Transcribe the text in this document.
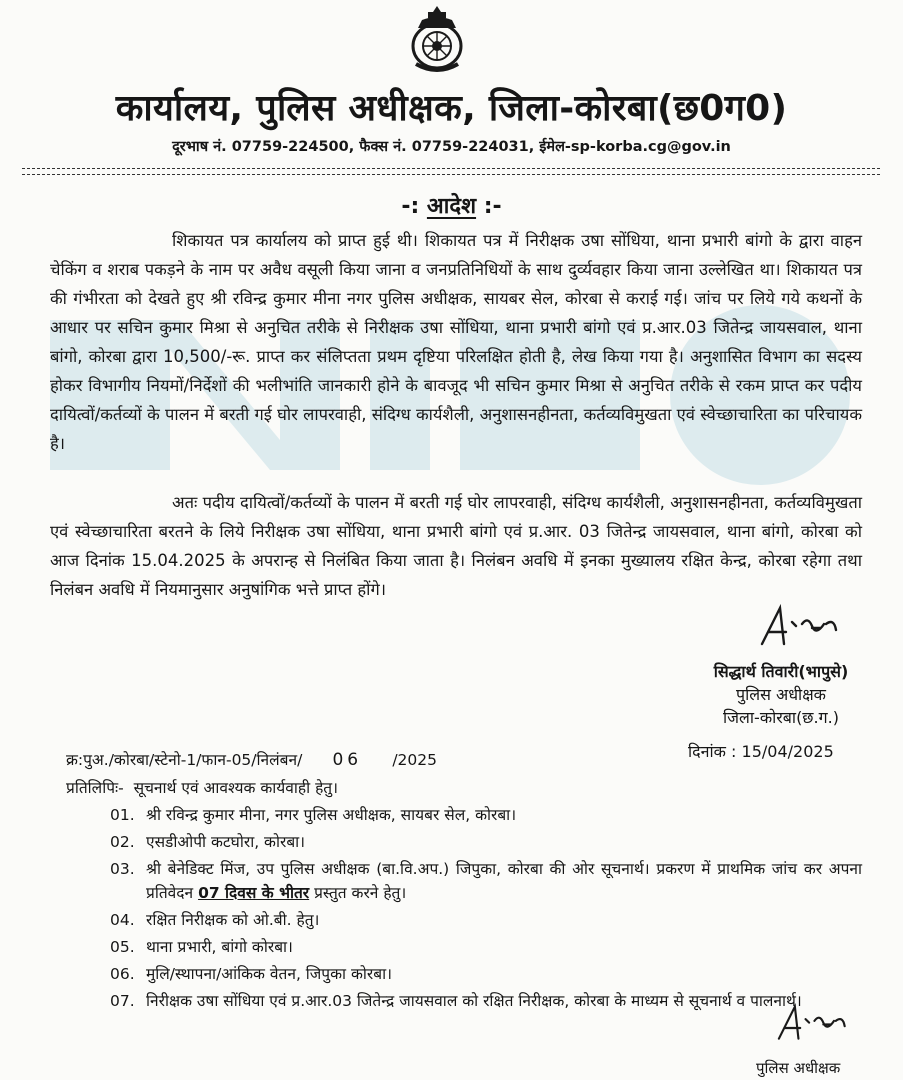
कार्यालय, पुलिस अधीक्षक, जिला-कोरबा(छ0ग0)
दूरभाष नं. 07759-224500, फैक्स नं. 07759-224031, ईमेल-sp-korba.cg@gov.in
-: आदेश :-
शिकायत पत्र कार्यालय को प्राप्त हुई थी। शिकायत पत्र में निरीक्षक उषा सोंधिया, थाना प्रभारी बांगो के द्वारा वाहन चेकिंग व शराब पकड़ने के नाम पर अवैध वसूली किया जाना व जनप्रतिनिधियों के साथ दुर्व्यवहार किया जाना उल्लेखित था। शिकायत पत्र की गंभीरता को देखते हुए श्री रविन्द्र कुमार मीना नगर पुलिस अधीक्षक, सायबर सेल, कोरबा से कराई गई। जांच पर लिये गये कथनों के आधार पर सचिन कुमार मिश्रा से अनुचित तरीके से निरीक्षक उषा सोंधिया, थाना प्रभारी बांगो एवं प्र.आर.03 जितेन्द्र जायसवाल, थाना बांगो, कोरबा द्वारा 10,500/-रू. प्राप्त कर संलिप्तता प्रथम दृष्टिया परिलक्षित होती है, लेख किया गया है। अनुशासित विभाग का सदस्य होकर विभागीय नियमों/निर्देशों की भलीभांति जानकारी होने के बावजूद भी सचिन कुमार मिश्रा से अनुचित तरीके से रकम प्राप्त कर पदीय दायित्वों/कर्तव्यों के पालन में बरती गई घोर लापरवाही, संदिग्ध कार्यशैली, अनुशासनहीनता, कर्तव्यविमुखता एवं स्वेच्छाचारिता का परिचायक है।
अतः पदीय दायित्वों/कर्तव्यों के पालन में बरती गई घोर लापरवाही, संदिग्ध कार्यशैली, अनुशासनहीनता, कर्तव्यविमुखता एवं स्वेच्छाचारिता बरतने के लिये निरीक्षक उषा सोंधिया, थाना प्रभारी बांगो एवं प्र.आर. 03 जितेन्द्र जायसवाल, थाना बांगो, कोरबा को आज दिनांक 15.04.2025 के अपरान्ह से निलंबित किया जाता है। निलंबन अवधि में इनका मुख्यालय रक्षित केन्द्र, कोरबा रहेगा तथा निलंबन अवधि में नियमानुसार अनुषांगिक भत्ते प्राप्त होंगे।
सिद्धार्थ तिवारी(भापुसे)
पुलिस अधीक्षक
जिला-कोरबा(छ.ग.)
दिनांक : 15/04/2025
क्र:पुअ./कोरबा/स्टेनो-1/फान-05/निलंबन/ 06 /2025
प्रतिलिपिः- सूचनार्थ एवं आवश्यक कार्यवाही हेतु।
01. श्री रविन्द्र कुमार मीना, नगर पुलिस अधीक्षक, सायबर सेल, कोरबा।
02. एसडीओपी कटघोरा, कोरबा।
03. श्री बेनेडिक्ट मिंज, उप पुलिस अधीक्षक (बा.वि.अप.) जिपुका, कोरबा की ओर सूचनार्थ। प्रकरण में प्राथमिक जांच कर अपना प्रतिवेदन 07 दिवस के भीतर प्रस्तुत करने हेतु।
04. रक्षित निरीक्षक को ओ.बी. हेतु।
05. थाना प्रभारी, बांगो कोरबा।
06. मुलि/स्थापना/आंकिक वेतन, जिपुका कोरबा।
07. निरीक्षक उषा सोंधिया एवं प्र.आर.03 जितेन्द्र जायसवाल को रक्षित निरीक्षक, कोरबा के माध्यम से सूचनार्थ व पालनार्थ।
पुलिस अधीक्षक
